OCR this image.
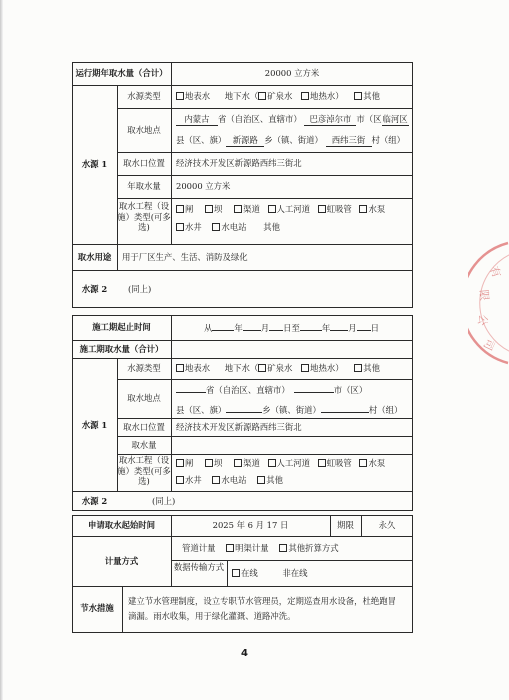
运行期年取水量（合计）	20000 立方米
水源 1
水源类型	地表水 地下水（ 矿泉水 地热水） 其他
取水地点
内蒙古 省（自治区、直辖市） 巴彦淖尔市 市（区临河区
县（区、旗） 新源路 乡（镇、街道） 西纬三街 村（组）
取水口位置	经济技术开发区新源路西纬三街北
年取水量	20000 立方米
取水工程（设施）类型(可多选)
闸 坝 渠道 人工河道 虹吸管 水泵
水井 水电站 其他
取水用途	用于厂区生产、生活、消防及绿化
水源 2	(同上)
施工期起止时间	从	年 月 日至	年 月 日
施工期取水量（合计）
水源 1
水源类型	地表水 地下水（ 矿泉水 地热水） 其他
取水地点
省（自治区、直辖市）	市（区）
县（区、旗）	乡（镇、街道）	村（组）
取水口位置	经济技术开发区新源路西纬三街北
取水量
取水工程（设施）类型(可多选)
闸 坝 渠道 人工河道 虹吸管 水泵
水井 水电站 其他
水源 2	(同上)
申请取水起始时间	2025 年 6 月 17 日	期限	永久
计量方式
管道计量 明渠计量 其他折算方式
数据传输方式
在线	非在线
节水措施
建立节水管理制度，设立专职节水管理员，定期巡查用水设备，杜绝跑冒
滴漏。雨水收集，用于绿化灌溉、道路冲洗。
有
限
公
司
4
